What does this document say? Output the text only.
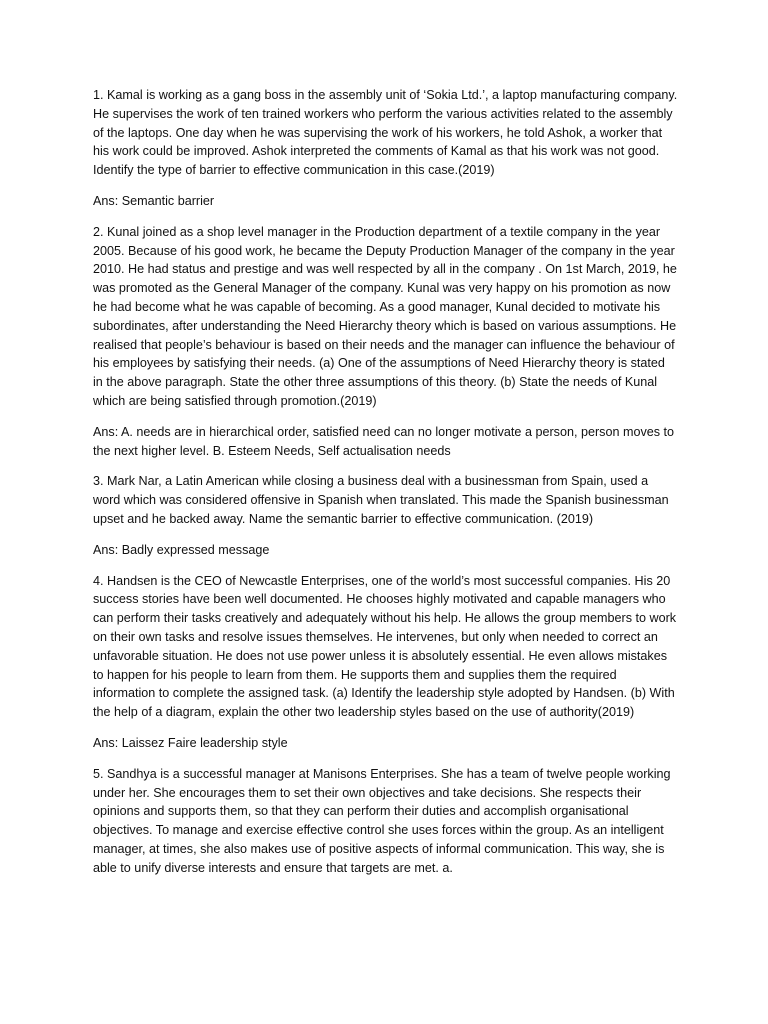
1. Kamal is working as a gang boss in the assembly unit of ‘Sokia Ltd.’, a laptop manufacturing company. He supervises the work of ten trained workers who perform the various activities related to the assembly of the laptops. One day when he was supervising the work of his workers, he told Ashok, a worker that his work could be improved. Ashok interpreted the comments of Kamal as that his work was not good. Identify the type of barrier to effective communication in this case.(2019)

Ans: Semantic barrier

2. Kunal joined as a shop level manager in the Production department of a textile company in the year 2005. Because of his good work, he became the Deputy Production Manager of the company in the year 2010. He had status and prestige and was well respected by all in the company . On 1st March, 2019, he was promoted as the General Manager of the company. Kunal was very happy on his promotion as now he had become what he was capable of becoming. As a good manager, Kunal decided to motivate his subordinates, after understanding the Need Hierarchy theory which is based on various assumptions. He realised that people’s behaviour is based on their needs and the manager can influence the behaviour of his employees by satisfying their needs. (a) One of the assumptions of Need Hierarchy theory is stated in the above paragraph. State the other three assumptions of this theory. (b) State the needs of Kunal which are being satisfied through promotion.(2019)

Ans: A. needs are in hierarchical order, satisfied need can no longer motivate a person, person moves to the next higher level. B. Esteem Needs, Self actualisation needs

3. Mark Nar, a Latin American while closing a business deal with a businessman from Spain, used a word which was considered offensive in Spanish when translated. This made the Spanish businessman upset and he backed away. Name the semantic barrier to effective communication. (2019)

Ans: Badly expressed message

4. Handsen is the CEO of Newcastle Enterprises, one of the world’s most successful companies. His 20 success stories have been well documented. He chooses highly motivated and capable managers who can perform their tasks creatively and adequately without his help. He allows the group members to work on their own tasks and resolve issues themselves. He intervenes, but only when needed to correct an unfavorable situation. He does not use power unless it is absolutely essential. He even allows mistakes to happen for his people to learn from them. He supports them and supplies them the required information to complete the assigned task. (a) Identify the leadership style adopted by Handsen. (b) With the help of a diagram, explain the other two leadership styles based on the use of authority(2019)

Ans: Laissez Faire leadership style

5. Sandhya is a successful manager at Manisons Enterprises. She has a team of twelve people working under her. She encourages them to set their own objectives and take decisions. She respects their opinions and supports them, so that they can perform their duties and accomplish organisational objectives. To manage and exercise effective control she uses forces within the group. As an intelligent manager, at times, she also makes use of positive aspects of informal communication. This way, she is able to unify diverse interests and ensure that targets are met. a.
